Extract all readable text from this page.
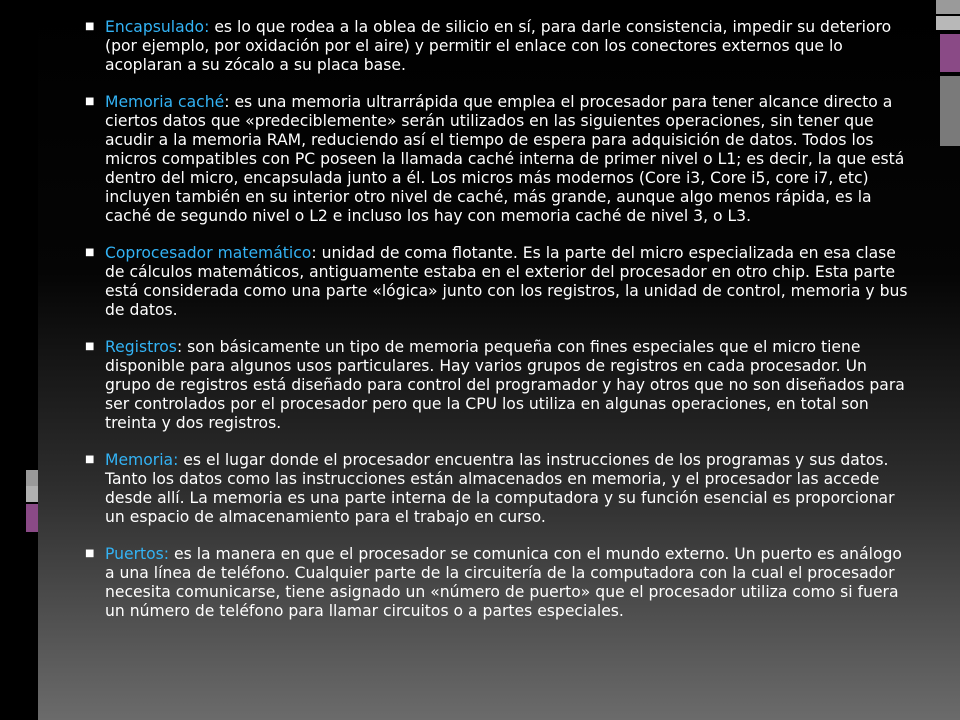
■ Encapsulado: es lo que rodea a la oblea de silicio en sí, para darle consistencia, impedir su deterioro (por ejemplo, por oxidación por el aire) y permitir el enlace con los conectores externos que lo acoplaran a su zócalo a su placa base.
■ Memoria caché: es una memoria ultrarrápida que emplea el procesador para tener alcance directo a ciertos datos que «predeciblemente» serán utilizados en las siguientes operaciones, sin tener que acudir a la memoria RAM, reduciendo así el tiempo de espera para adquisición de datos. Todos los micros compatibles con PC poseen la llamada caché interna de primer nivel o L1; es decir, la que está dentro del micro, encapsulada junto a él. Los micros más modernos (Core i3, Core i5, core i7, etc) incluyen también en su interior otro nivel de caché, más grande, aunque algo menos rápida, es la caché de segundo nivel o L2 e incluso los hay con memoria caché de nivel 3, o L3.
■ Coprocesador matemático: unidad de coma flotante. Es la parte del micro especializada en esa clase de cálculos matemáticos, antiguamente estaba en el exterior del procesador en otro chip. Esta parte está considerada como una parte «lógica» junto con los registros, la unidad de control, memoria y bus de datos.
■ Registros: son básicamente un tipo de memoria pequeña con fines especiales que el micro tiene disponible para algunos usos particulares. Hay varios grupos de registros en cada procesador. Un grupo de registros está diseñado para control del programador y hay otros que no son diseñados para ser controlados por el procesador pero que la CPU los utiliza en algunas operaciones, en total son treinta y dos registros.
■ Memoria: es el lugar donde el procesador encuentra las instrucciones de los programas y sus datos. Tanto los datos como las instrucciones están almacenados en memoria, y el procesador las accede desde allí. La memoria es una parte interna de la computadora y su función esencial es proporcionar un espacio de almacenamiento para el trabajo en curso.
■ Puertos: es la manera en que el procesador se comunica con el mundo externo. Un puerto es análogo a una línea de teléfono. Cualquier parte de la circuitería de la computadora con la cual el procesador necesita comunicarse, tiene asignado un «número de puerto» que el procesador utiliza como si fuera un número de teléfono para llamar circuitos o a partes especiales.
